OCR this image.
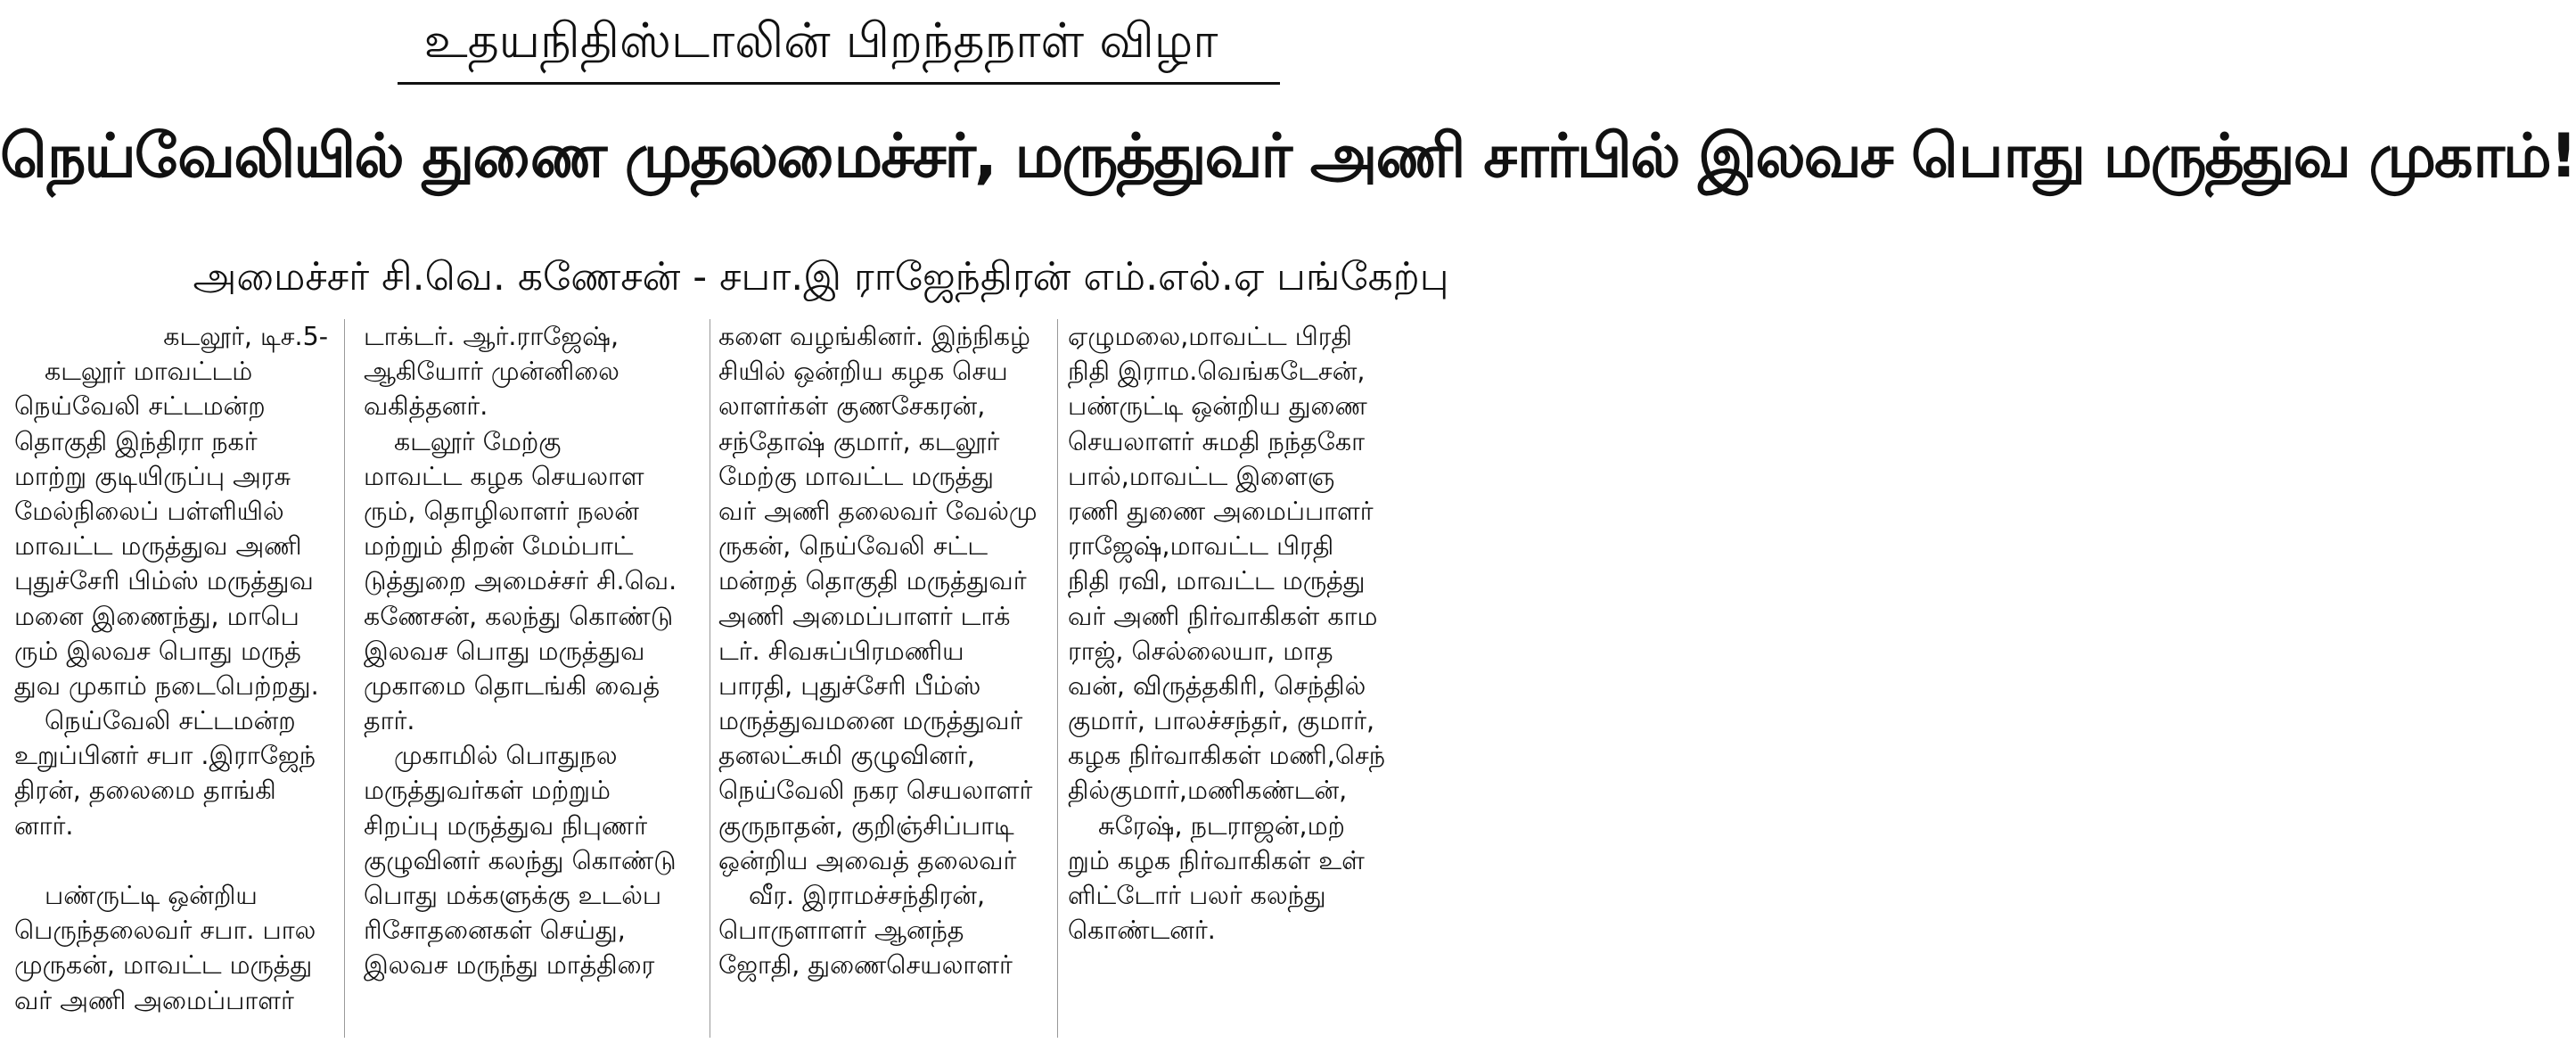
உதயநிதிஸ்டாலின் பிறந்தநாள் விழா
நெய்வேலியில் துணை முதலமைச்சர், மருத்துவர் அணி சார்பில் இலவச பொது மருத்துவ முகாம்!
அமைச்சர் சி.வெ. கணேசன் - சபா.இ ராஜேந்திரன் எம்.எல்.ஏ பங்கேற்பு
கடலூர், டிச.5-
கடலூர் மாவட்டம்
நெய்வேலி சட்டமன்ற
தொகுதி இந்திரா நகர்
மாற்று குடியிருப்பு அரசு
மேல்நிலைப் பள்ளியில்
மாவட்ட மருத்துவ அணி
புதுச்சேரி பிம்ஸ் மருத்துவ
மனை இணைந்து, மாபெ
ரும் இலவச பொது மருத்
துவ முகாம் நடைபெற்றது.
நெய்வேலி சட்டமன்ற
உறுப்பினர் சபா .இராஜேந்
திரன், தலைமை தாங்கி
னார்.
பண்ருட்டி ஒன்றிய
பெருந்தலைவர் சபா. பால
முருகன், மாவட்ட மருத்து
வர் அணி அமைப்பாளர்
டாக்டர். ஆர்.ராஜேஷ்,
ஆகியோர் முன்னிலை
வகித்தனர்.
கடலூர் மேற்கு
மாவட்ட கழக செயலாள
ரும், தொழிலாளர் நலன்
மற்றும் திறன் மேம்பாட்
டுத்துறை அமைச்சர் சி.வெ.
கணேசன், கலந்து கொண்டு
இலவச பொது மருத்துவ
முகாமை தொடங்கி வைத்
தார்.
முகாமில் பொதுநல
மருத்துவர்கள் மற்றும்
சிறப்பு மருத்துவ நிபுணர்
குழுவினர் கலந்து கொண்டு
பொது மக்களுக்கு உடல்ப
ரிசோதனைகள் செய்து,
இலவச மருந்து மாத்திரை
களை வழங்கினர். இந்நிகழ்
சியில் ஒன்றிய கழக செய
லாளர்கள் குணசேகரன்,
சந்தோஷ் குமார், கடலூர்
மேற்கு மாவட்ட மருத்து
வர் அணி தலைவர் வேல்மு
ருகன், நெய்வேலி சட்ட
மன்றத் தொகுதி மருத்துவர்
அணி அமைப்பாளர் டாக்
டர். சிவசுப்பிரமணிய
பாரதி, புதுச்சேரி பீம்ஸ்
மருத்துவமனை மருத்துவர்
தனலட்சுமி குழுவினர்,
நெய்வேலி நகர செயலாளர்
குருநாதன், குறிஞ்சிப்பாடி
ஒன்றிய அவைத் தலைவர்
வீர. இராமச்சந்திரன்,
பொருளாளர் ஆனந்த
ஜோதி, துணைசெயலாளர்
ஏழுமலை,மாவட்ட பிரதி
நிதி இராம.வெங்கடேசன்,
பண்ருட்டி ஒன்றிய துணை
செயலாளர் சுமதி நந்தகோ
பால்,மாவட்ட இளைஞ
ரணி துணை அமைப்பாளர்
ராஜேஷ்,மாவட்ட பிரதி
நிதி ரவி, மாவட்ட மருத்து
வர் அணி நிர்வாகிகள் காம
ராஜ், செல்லையா, மாத
வன், விருத்தகிரி, செந்தில்
குமார், பாலச்சந்தர், குமார்,
கழக நிர்வாகிகள் மணி,செந்
தில்குமார்,மணிகண்டன்,
சுரேஷ், நடராஜன்,மற்
றும் கழக நிர்வாகிகள் உள்
ளிட்டோர் பலர் கலந்து
கொண்டனர்.
